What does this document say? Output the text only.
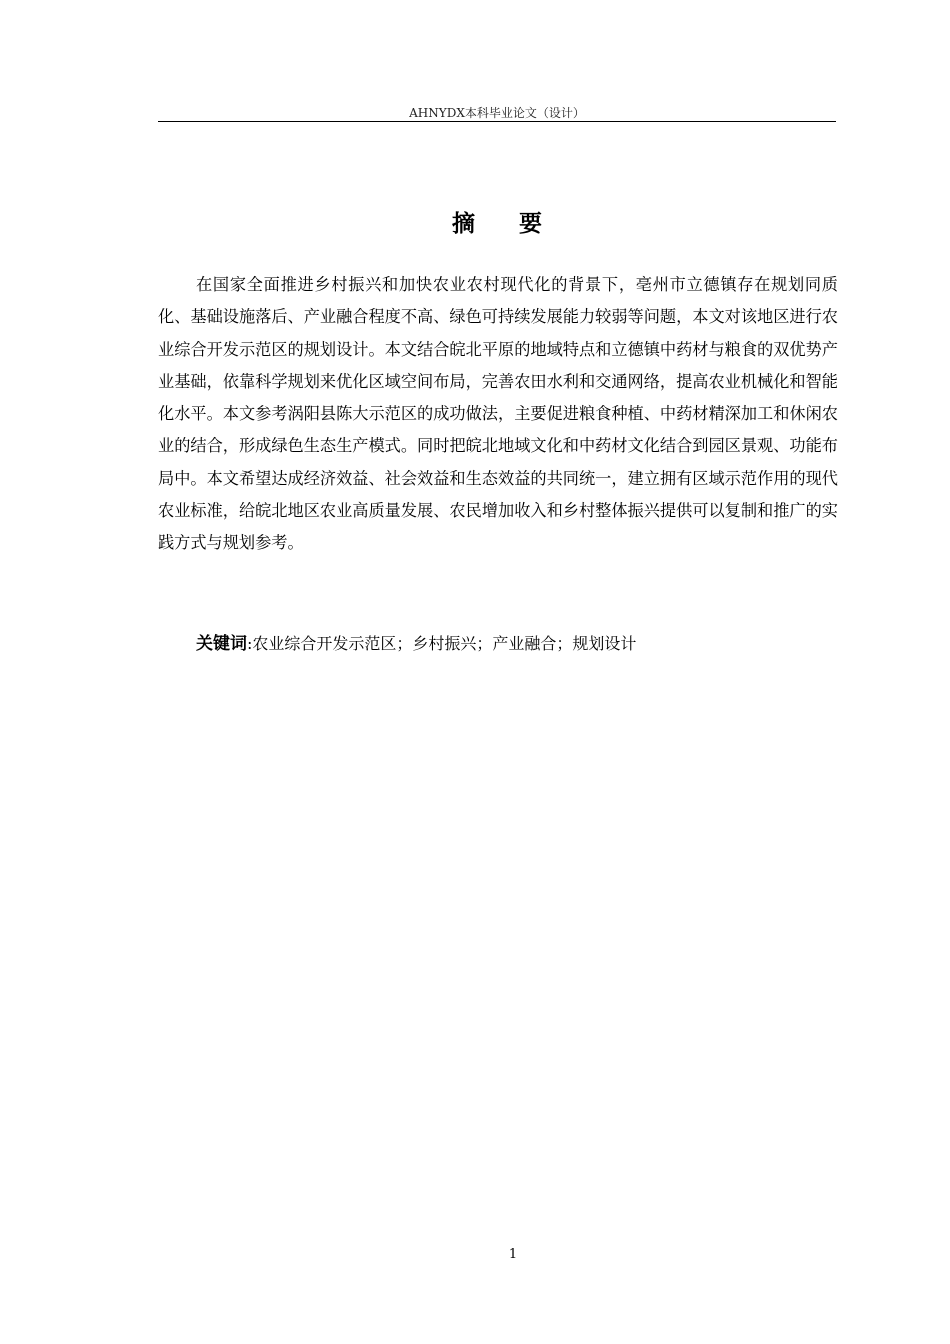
AHNYDX本科毕业论文（设计）
摘 要

在国家全面推进乡村振兴和加快农业农村现代化的背景下，亳州市立德镇存在规划同质化、基础设施落后、产业融合程度不高、绿色可持续发展能力较弱等问题，本文对该地区进行农业综合开发示范区的规划设计。本文结合皖北平原的地域特点和立德镇中药材与粮食的双优势产业基础，依靠科学规划来优化区域空间布局，完善农田水利和交通网络，提高农业机械化和智能化水平。本文参考涡阳县陈大示范区的成功做法，主要促进粮食种植、中药材精深加工和休闲农业的结合，形成绿色生态生产模式。同时把皖北地域文化和中药材文化结合到园区景观、功能布局中。本文希望达成经济效益、社会效益和生态效益的共同统一，建立拥有区域示范作用的现代农业标准，给皖北地区农业高质量发展、农民增加收入和乡村整体振兴提供可以复制和推广的实践方式与规划参考。

关键词:农业综合开发示范区；乡村振兴；产业融合；规划设计
1
